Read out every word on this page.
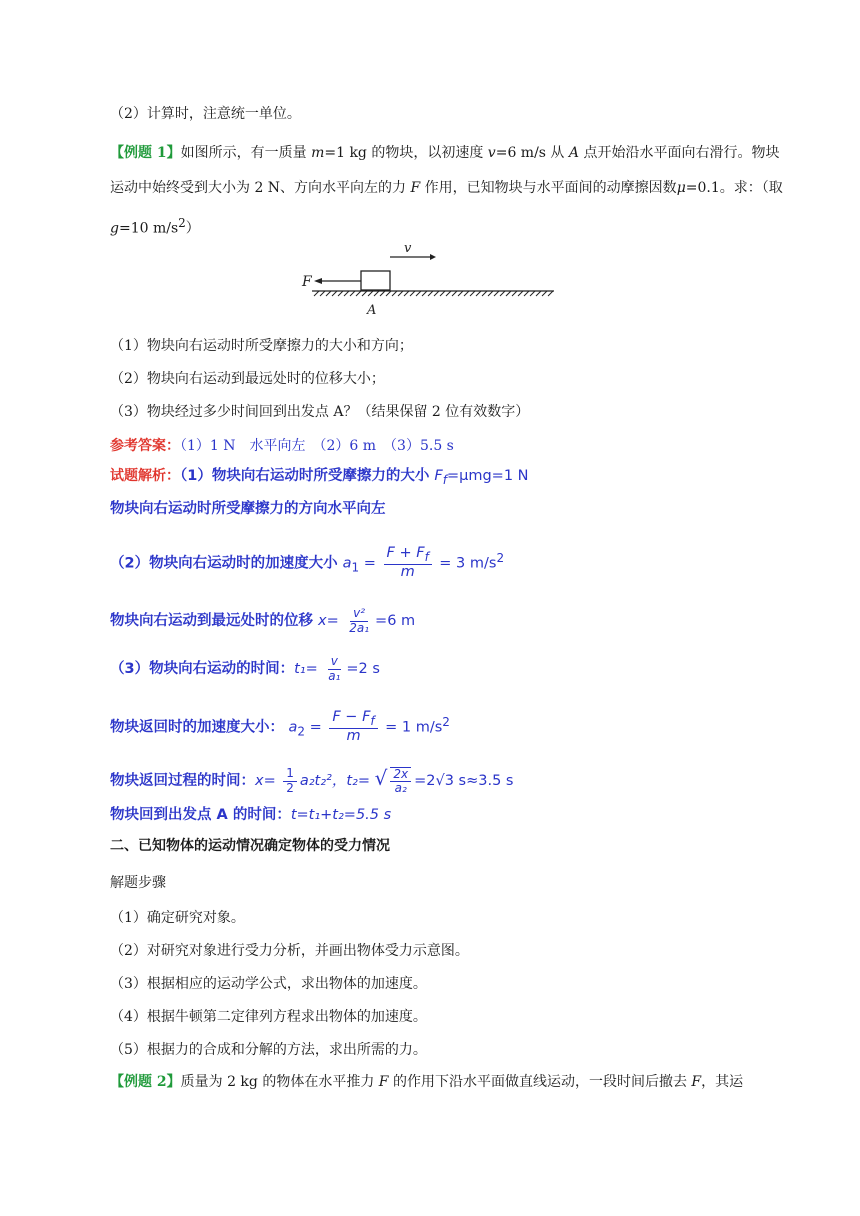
（2）计算时，注意统一单位。
【例题 1】如图所示，有一质量 m=1 kg 的物块，以初速度 v=6 m/s 从 A 点开始沿水平面向右滑行。物块运动中始终受到大小为 2 N、方向水平向左的力 F 作用，已知物块与水平面间的动摩擦因数μ=0.1。求：（取 g=10 $m/s^2$）
v
F
A
（1）物块向右运动时所受摩擦力的大小和方向；
（2）物块向右运动到最远处时的位移大小；
（3）物块经过多少时间回到出发点 A？（结果保留 2 位有效数字）
参考答案：（1）1 N　水平向左　（2）6 m　（3）5.5 s
试题解析：（1）物块向右运动时所受摩擦力的大小 $F_f=\mu mg=1$ N
物块向右运动时所受摩擦力的方向水平向左
（2）物块向右运动时的加速度大小 $a_1 = \frac{F + F_f}{m} = 3$ $m/s^2$
物块向右运动到最远处时的位移 $x= \frac{\text{v²}}{\text{2a₁}} =6$ m
（3）物块向右运动的时间：$t_1= \frac{v}{\text{a₁}} =2$ s
物块返回时的加速度大小： $a_2 = \frac{F - F_f}{m} = 1$ $m/s^2$
物块返回过程的时间：$x= \frac{1}{2} a_2t_2^2$，t₂= √ $\frac{2x}{\text{a₂}} =2√3$ s≈3.5 s
物块回到出发点 A 的时间：t=t₁+t₂=5.5 s
二、已知物体的运动情况确定物体的受力情况
解题步骤
（1）确定研究对象。
（2）对研究对象进行受力分析，并画出物体受力示意图。
（3）根据相应的运动学公式，求出物体的加速度。
（4）根据牛顿第二定律列方程求出物体的加速度。
（5）根据力的合成和分解的方法，求出所需的力。
【例题 2】质量为 2 kg 的物体在水平推力 F 的作用下沿水平面做直线运动，一段时间后撤去 F，其运
